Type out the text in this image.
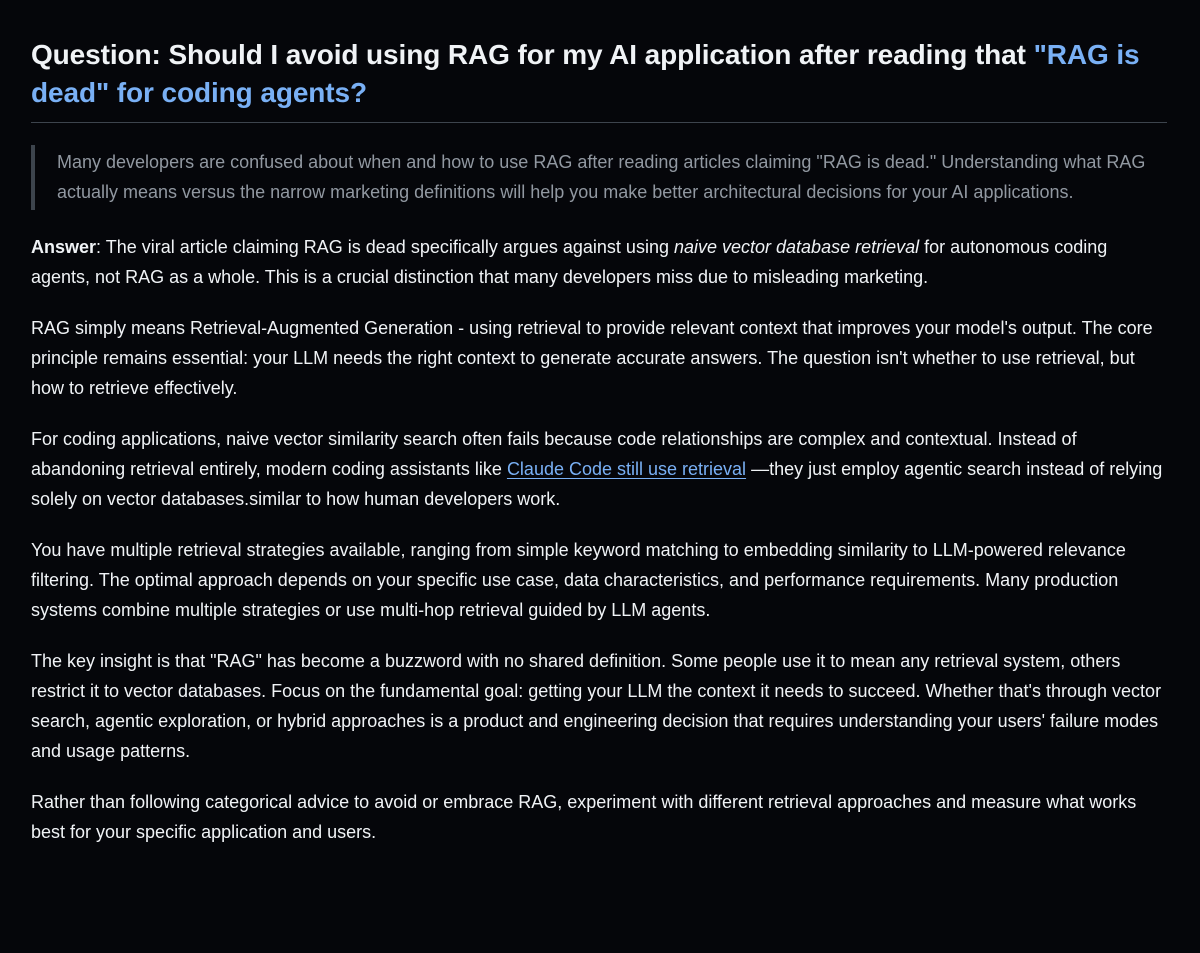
Question: Should I avoid using RAG for my AI application after reading that "RAG is dead" for coding agents?
Many developers are confused about when and how to use RAG after reading articles claiming "RAG is dead." Understanding what RAG actually means versus the narrow marketing definitions will help you make better architectural decisions for your AI applications.

Answer: The viral article claiming RAG is dead specifically argues against using naive vector database retrieval for autonomous coding agents, not RAG as a whole. This is a crucial distinction that many developers miss due to misleading marketing.

RAG simply means Retrieval-Augmented Generation - using retrieval to provide relevant context that improves your model's output. The core principle remains essential: your LLM needs the right context to generate accurate answers. The question isn't whether to use retrieval, but how to retrieve effectively.

For coding applications, naive vector similarity search often fails because code relationships are complex and contextual. Instead of abandoning retrieval entirely, modern coding assistants like Claude Code still use retrieval —they just employ agentic search instead of relying solely on vector databases.similar to how human developers work.

You have multiple retrieval strategies available, ranging from simple keyword matching to embedding similarity to LLM-powered relevance filtering. The optimal approach depends on your specific use case, data characteristics, and performance requirements. Many production systems combine multiple strategies or use multi-hop retrieval guided by LLM agents.

The key insight is that "RAG" has become a buzzword with no shared definition. Some people use it to mean any retrieval system, others restrict it to vector databases. Focus on the fundamental goal: getting your LLM the context it needs to succeed. Whether that's through vector search, agentic exploration, or hybrid approaches is a product and engineering decision that requires understanding your users' failure modes and usage patterns.

Rather than following categorical advice to avoid or embrace RAG, experiment with different retrieval approaches and measure what works best for your specific application and users.
